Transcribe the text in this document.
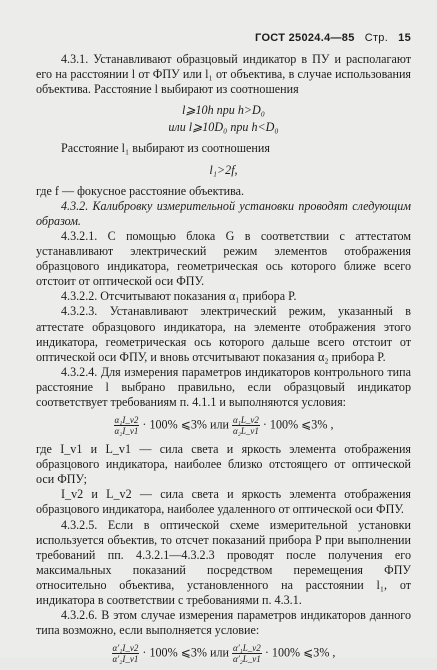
ГОСТ 25024.4—85 Стр. 15

4.3.1. Устанавливают образцовый индикатор в ПУ и располагают его на расстоянии l от ФПУ или l₁ от объектива, в случае использования объектива. Расстояние l выбирают из соотношения

l⩾10h при h>D₀

или l⩾10D₀ при h<D₀

Расстояние l₁ выбирают из соотношения

l₁>2f,

где f — фокусное расстояние объектива.

4.3.2. Калибровку измерительной установки проводят следующим образом.

4.3.2.1. С помощью блока G в соответствии с аттестатом устанавливают электрический режим элементов отображения образцового индикатора, геометрическая ось которого ближе всего отстоит от оптической оси ФПУ.

4.3.2.2. Отсчитывают показания α₁ прибора P.

4.3.2.3. Устанавливают электрический режим, указанный в аттестате образцового индикатора, на элементе отображения этого индикатора, геометрическая ось которого дальше всего отстоит от оптической оси ФПУ, и вновь отсчитывают показания α₂ прибора P.

4.3.2.4. Для измерения параметров индикаторов контрольного типа расстояние l выбрано правильно, если образцовый индикатор соответствует требованиям п. 4.1.1 и выполняются условия:

$\frac{\text{α₁I\_v2}}{\text{α₂I\_v1}} \cdot 100\%$ ⩽3% или $\frac{\text{α₁L\_v2}}{\text{α₂L\_v1}} \cdot 100\%$ ⩽3% ,

где I_v1 и L_v1 — сила света и яркость элемента отображения образцового индикатора, наиболее близко отстоящего от оптической оси ФПУ;

I_v2 и L_v2 — сила света и яркость элемента отображения образцового индикатора, наиболее удаленного от оптической оси ФПУ.

4.3.2.5. Если в оптической схеме измерительной установки используется объектив, то отсчет показаний прибора P при выполнении требований пп. 4.3.2.1—4.3.2.3 проводят после получения его максимальных показаний посредством перемещения ФПУ относительно объектива, установленного на расстоянии l₁, от индикатора в соответствии с требованиями п. 4.3.1.

4.3.2.6. В этом случае измерения параметров индикаторов данного типа возможно, если выполняется условие:

$\frac{\text{α′₁I\_v2}}{\text{α′₂I\_v1}} \cdot 100\%$ ⩽3% или $\frac{\text{α′₁L\_v2}}{\text{α′₂L\_v1}} \cdot 100\%$ ⩽3% ,
